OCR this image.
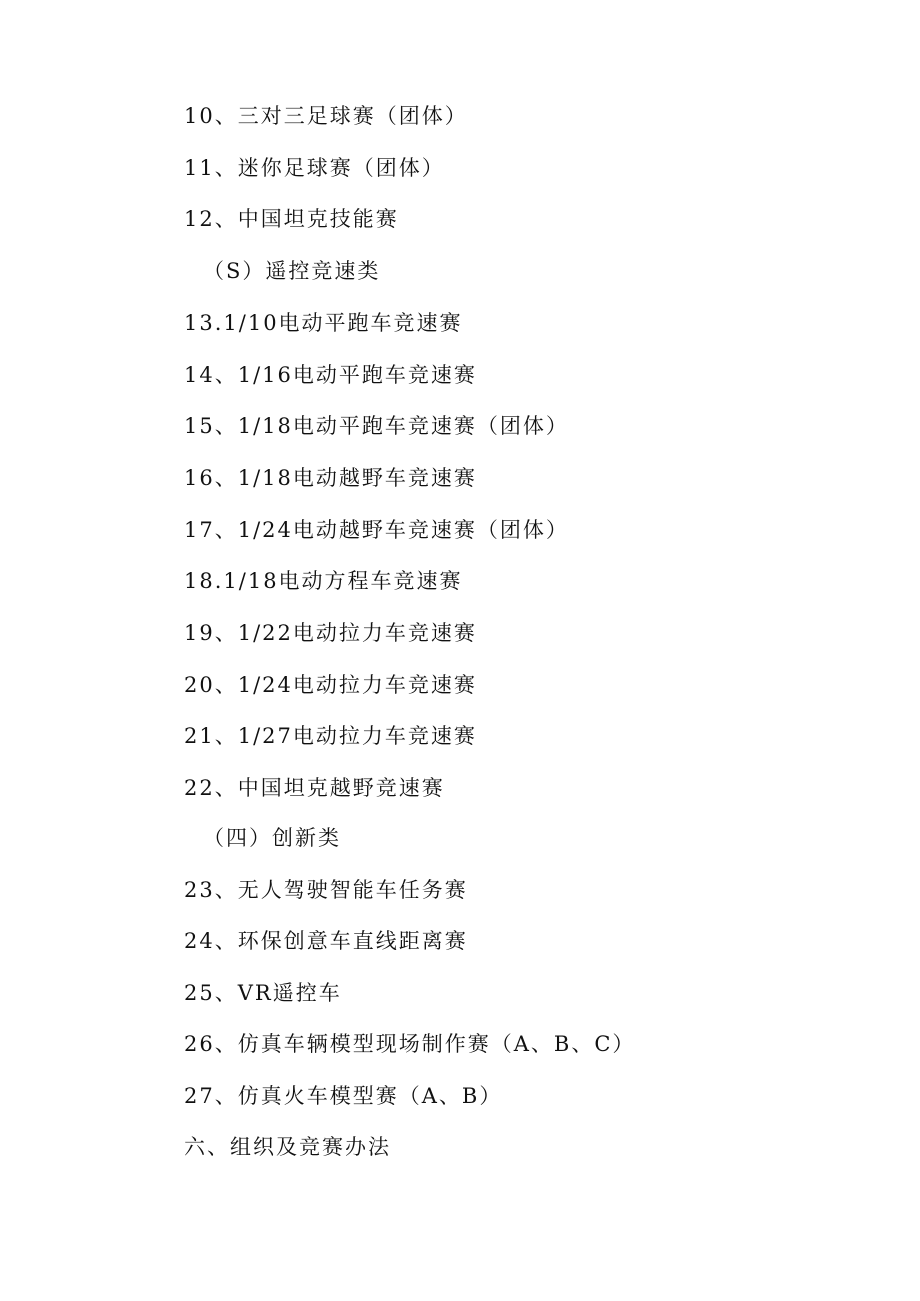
10、三对三足球赛（团体）
11、迷你足球赛（团体）
12、中国坦克技能赛
（S）遥控竞速类
13.1/10电动平跑车竞速赛
14、1/16电动平跑车竞速赛
15、1/18电动平跑车竞速赛（团体）
16、1/18电动越野车竞速赛
17、1/24电动越野车竞速赛（团体）
18.1/18电动方程车竞速赛
19、1/22电动拉力车竞速赛
20、1/24电动拉力车竞速赛
21、1/27电动拉力车竞速赛
22、中国坦克越野竞速赛
（四）创新类
23、无人驾驶智能车任务赛
24、环保创意车直线距离赛
25、VR遥控车
26、仿真车辆模型现场制作赛（A、B、C）
27、仿真火车模型赛（A、B）
六、组织及竞赛办法
